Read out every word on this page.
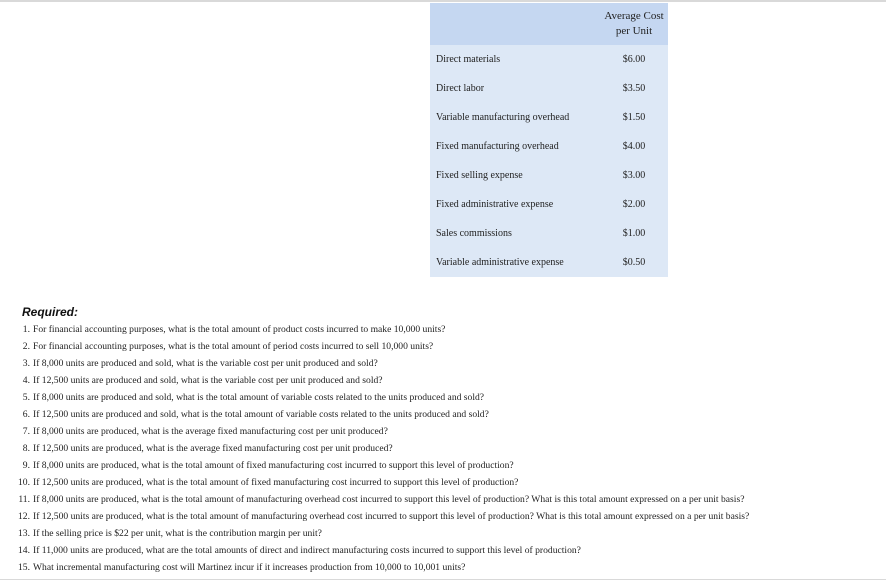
	Average Cost per Unit
Direct materials	$6.00
Direct labor	$3.50
Variable manufacturing overhead	$1.50
Fixed manufacturing overhead	$4.00
Fixed selling expense	$3.00
Fixed administrative expense	$2.00
Sales commissions	$1.00
Variable administrative expense	$0.50
Required:
1. For financial accounting purposes, what is the total amount of product costs incurred to make 10,000 units?
2. For financial accounting purposes, what is the total amount of period costs incurred to sell 10,000 units?
3. If 8,000 units are produced and sold, what is the variable cost per unit produced and sold?
4. If 12,500 units are produced and sold, what is the variable cost per unit produced and sold?
5. If 8,000 units are produced and sold, what is the total amount of variable costs related to the units produced and sold?
6. If 12,500 units are produced and sold, what is the total amount of variable costs related to the units produced and sold?
7. If 8,000 units are produced, what is the average fixed manufacturing cost per unit produced?
8. If 12,500 units are produced, what is the average fixed manufacturing cost per unit produced?
9. If 8,000 units are produced, what is the total amount of fixed manufacturing cost incurred to support this level of production?
10. If 12,500 units are produced, what is the total amount of fixed manufacturing cost incurred to support this level of production?
11. If 8,000 units are produced, what is the total amount of manufacturing overhead cost incurred to support this level of production? What is this total amount expressed on a per unit basis?
12. If 12,500 units are produced, what is the total amount of manufacturing overhead cost incurred to support this level of production? What is this total amount expressed on a per unit basis?
13. If the selling price is $22 per unit, what is the contribution margin per unit?
14. If 11,000 units are produced, what are the total amounts of direct and indirect manufacturing costs incurred to support this level of production?
15. What incremental manufacturing cost will Martinez incur if it increases production from 10,000 to 10,001 units?
